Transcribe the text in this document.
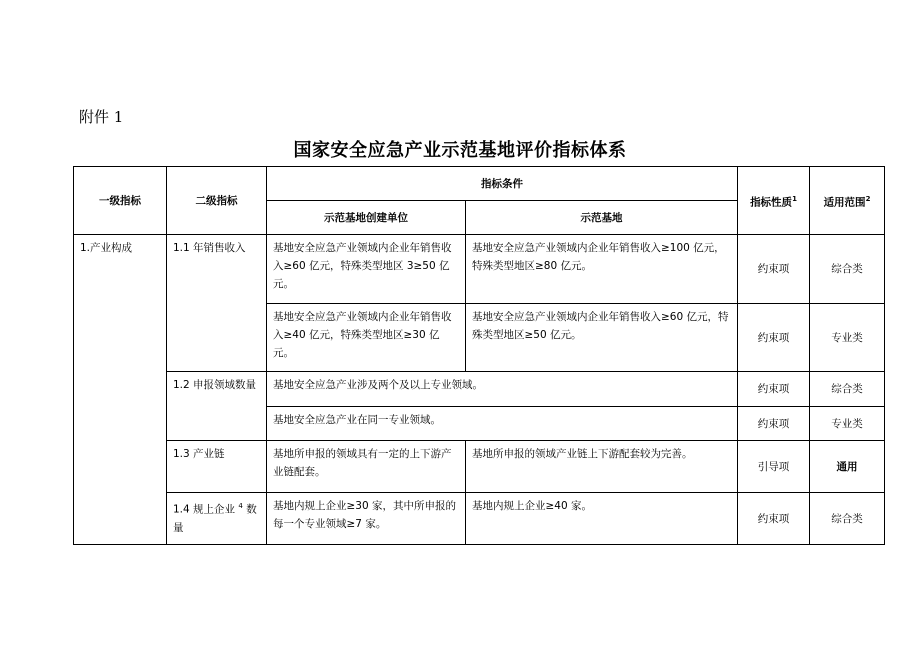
附件 1
国家安全应急产业示范基地评价指标体系
一级指标	二级指标	指标条件		指标性质$^1$	适用范围$^2$
		示范基地创建单位	示范基地		
1.产业构成	1.1 年销售收入	基地安全应急产业领域内企业年销售收入≥60 亿元，特殊类型地区 3≥50 亿元。	基地安全应急产业领域内企业年销售收入≥100 亿元，特殊类型地区≥80 亿元。	约束项	综合类
		基地安全应急产业领域内企业年销售收入≥40 亿元，特殊类型地区≥30 亿元。	基地安全应急产业领域内企业年销售收入≥60 亿元，特殊类型地区≥50 亿元。	约束项	专业类
	1.2 申报领域数量	基地安全应急产业涉及两个及以上专业领域。		约束项	综合类
		基地安全应急产业在同一专业领域。		约束项	专业类
	1.3 产业链	基地所申报的领域具有一定的上下游产业链配套。	基地所申报的领域产业链上下游配套较为完善。	引导项	通用
	1.4 规上企业 $^4$ 数量	基地内规上企业≥30 家，其中所申报的每一个专业领域≥7 家。	基地内规上企业≥40 家。	约束项	综合类
